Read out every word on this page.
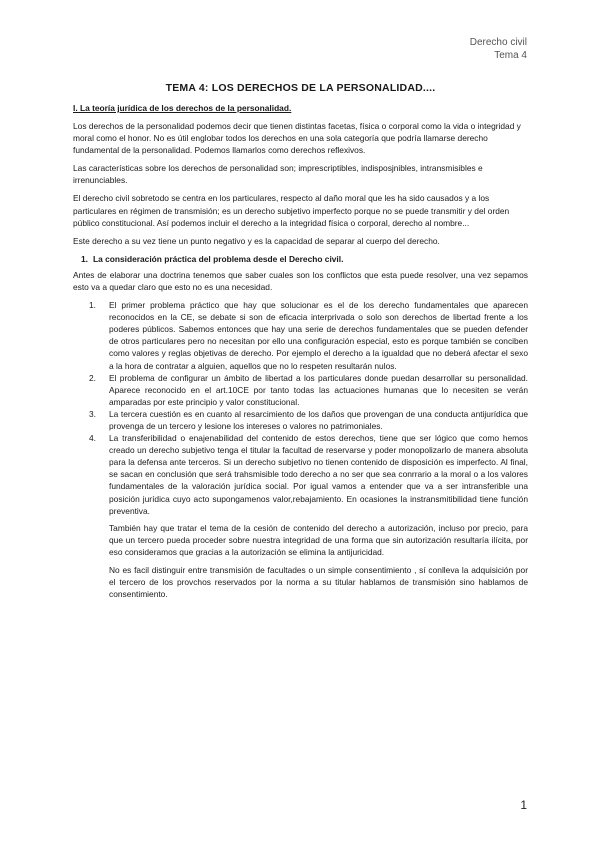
Derecho civil
Tema 4
TEMA 4: LOS DERECHOS DE LA PERSONALIDAD....
I. La teoría jurídica de los derechos de la personalidad.

Los derechos de la personalidad podemos decir que tienen distintas facetas, física o corporal como la vida o integridad y moral como el honor. No es útil englobar todos los derechos en una sola categoría que podría llamarse derecho fundamental de la personalidad. Podemos llamarlos como derechos reflexivos.

Las características sobre los derechos de personalidad son; imprescriptibles, indisposjnibles, intransmisibles e irrenunciables.

El derecho civil sobretodo se centra en los particulares, respecto al daño moral que les ha sido causados y a los particulares en régimen de transmisión; es un derecho subjetivo imperfecto porque no se puede transmitir y del orden público constitucional. Así podemos incluir el derecho a la integridad física o corporal, derecho al nombre...

Este derecho a su vez tiene un punto negativo y es la capacidad de separar al cuerpo del derecho.

1. La consideración práctica del problema desde el Derecho civil.

Antes de elaborar una doctrina tenemos que saber cuales son los conflictos que esta puede resolver, una vez sepamos esto va a quedar claro que esto no es una necesidad.

1. El primer problema práctico que hay que solucionar es el de los derecho fundamentales que aparecen reconocidos en la CE, se debate si son de eficacia interprivada o solo son derechos de libertad frente a los poderes públicos. Sabemos entonces que hay una serie de derechos fundamentales que se pueden defender de otros particulares pero no necesitan por ello una configuración especial, esto es porque también se conciben como valores y reglas objetivas de derecho. Por ejemplo el derecho a la igualdad que no deberá afectar el sexo a la hora de contratar a alguien, aquellos que no lo respeten resultarán nulos.
2. El problema de configurar un ámbito de libertad a los particulares donde puedan desarrollar su personalidad. Aparece reconocido en el art.10CE por tanto todas las actuaciones humanas que lo necesiten se verán amparadas por este principio y valor constitucional.
3. La tercera cuestión es en cuanto al resarcimiento de los daños que provengan de una conducta antijurídica que provenga de un tercero y lesione los intereses o valores no patrimoniales.
4. La transferibilidad o enajenabilidad del contenido de estos derechos, tiene que ser lógico que como hemos creado un derecho subjetivo tenga el titular la facultad de reservarse y poder monopolizarlo de manera absoluta para la defensa ante terceros. Si un derecho subjetivo no tienen contenido de disposición es imperfecto. Al final, se sacan en conclusión que será trahsmisible todo derecho a no ser que sea conrrario a la moral o a los valores fundamentales de la valoración jurídica social. Por igual vamos a entender que va a ser intransferible una posición jurídica cuyo acto supongamenos valor,rebajamiento. En ocasiones la instransmitibilidad tiene función preventiva.
También hay que tratar el tema de la cesión de contenido del derecho a autorización, incluso por precio, para que un tercero pueda proceder sobre nuestra integridad de una forma que sin autorización resultaría ilícita, por eso consideramos que gracias a la autorización se elimina la antijuricidad.
No es facil distinguir entre transmisión de facultades o un simple consentimiento , sí conlleva la adquisición por el tercero de los provchos reservados por la norma a su titular hablamos de transmisión sino hablamos de consentimiento.
1
